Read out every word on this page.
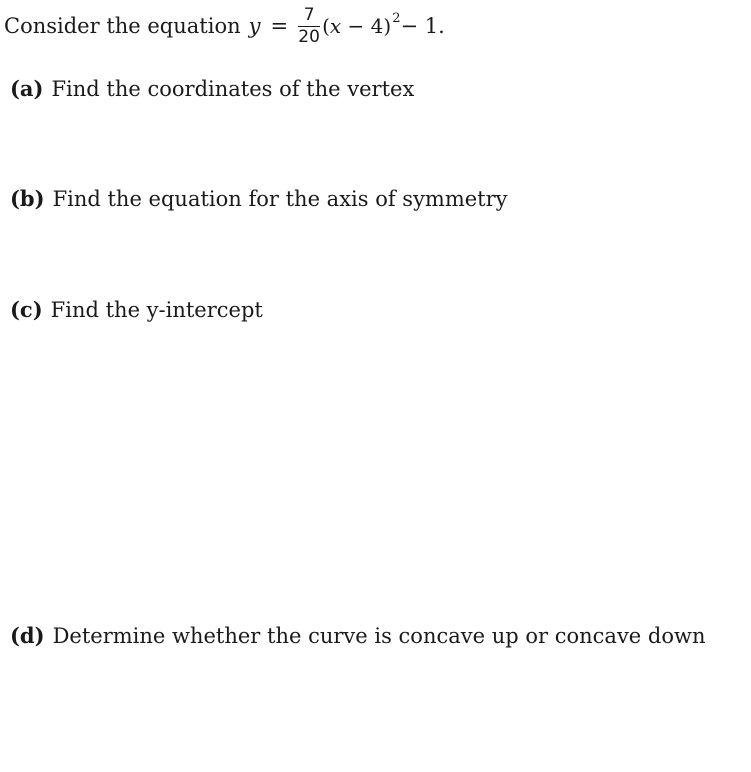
Consider the equation $y = \frac{7}{20} (x - 4) 2 - 1$.
(a) Find the coordinates of the vertex
(b) Find the equation for the axis of symmetry
(c) Find the y-intercept
(d) Determine whether the curve is concave up or concave down
